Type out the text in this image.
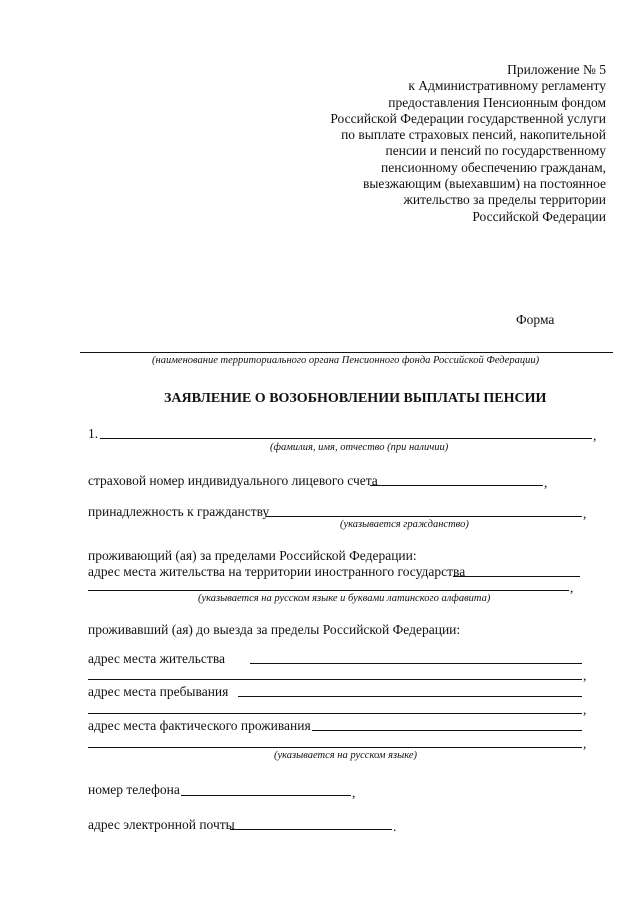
Приложение № 5
к Административному регламенту
предоставления Пенсионным фондом
Российской Федерации государственной услуги
по выплате страховых пенсий, накопительной
пенсии и пенсий по государственному
пенсионному обеспечению гражданам,
выезжающим (выехавшим) на постоянное
жительство за пределы территории
Российской Федерации
Форма
(наименование территориального органа Пенсионного фонда Российской Федерации)
ЗАЯВЛЕНИЕ О ВОЗОБНОВЛЕНИИ ВЫПЛАТЫ ПЕНСИИ
1.	,
(фамилия, имя, отчество (при наличии)
страховой номер индивидуального лицевого счета	,
принадлежность к гражданству	,
(указывается гражданство)
проживающий (ая) за пределами Российской Федерации:
адрес места жительства на территории иностранного государства
,
(указывается на русском языке и буквами латинского алфавита)
проживавший (ая) до выезда за пределы Российской Федерации:
адрес места жительства
,
адрес места пребывания
,
адрес места фактического проживания
,
(указывается на русском языке)
номер телефона	,
адрес электронной почты	.
